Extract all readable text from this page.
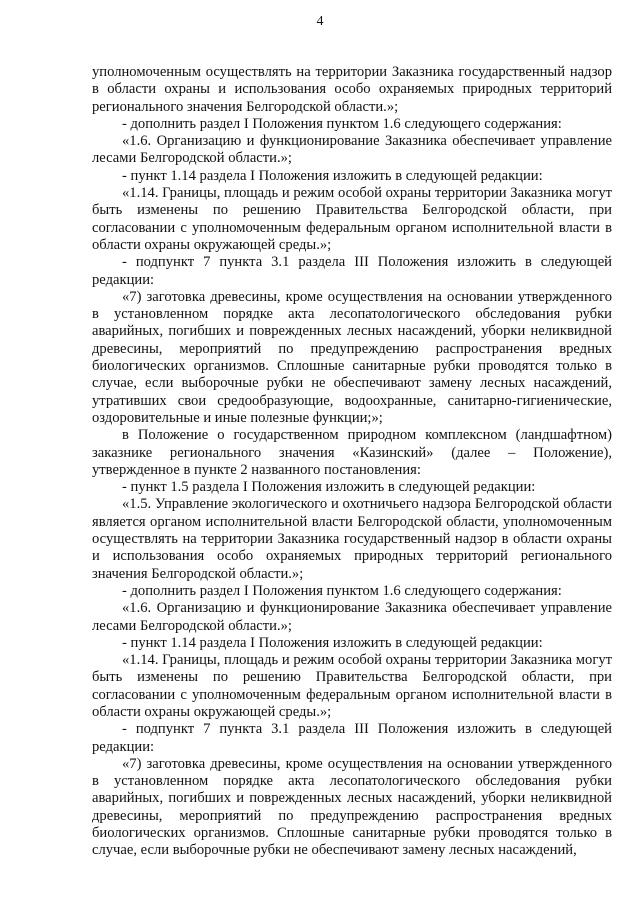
4

уполномоченным осуществлять на территории Заказника государственный надзор в области охраны и использования особо охраняемых природных территорий регионального значения Белгородской области.»;

- дополнить раздел I Положения пунктом 1.6 следующего содержания:

«1.6. Организацию и функционирование Заказника обеспечивает управление лесами Белгородской области.»;

- пункт 1.14 раздела I Положения изложить в следующей редакции:

«1.14. Границы, площадь и режим особой охраны территории Заказника могут быть изменены по решению Правительства Белгородской области, при согласовании с уполномоченным федеральным органом исполнительной власти в области охраны окружающей среды.»;

- подпункт 7 пункта 3.1 раздела III Положения изложить в следующей редакции:

«7) заготовка древесины, кроме осуществления на основании утвержденного в установленном порядке акта лесопатологического обследования рубки аварийных, погибших и поврежденных лесных насаждений, уборки неликвидной древесины, мероприятий по предупреждению распространения вредных биологических организмов. Сплошные санитарные рубки проводятся только в случае, если выборочные рубки не обеспечивают замену лесных насаждений, утративших свои средообразующие, водоохранные, санитарно-гигиенические, оздоровительные и иные полезные функции;»;

в Положение о государственном природном комплексном (ландшафтном) заказнике регионального значения «Казинский» (далее – Положение), утвержденное в пункте 2 названного постановления:

- пункт 1.5 раздела I Положения изложить в следующей редакции:

«1.5. Управление экологического и охотничьего надзора Белгородской области является органом исполнительной власти Белгородской области, уполномоченным осуществлять на территории Заказника государственный надзор в области охраны и использования особо охраняемых природных территорий регионального значения Белгородской области.»;

- дополнить раздел I Положения пунктом 1.6 следующего содержания:

«1.6. Организацию и функционирование Заказника обеспечивает управление лесами Белгородской области.»;

- пункт 1.14 раздела I Положения изложить в следующей редакции:

«1.14. Границы, площадь и режим особой охраны территории Заказника могут быть изменены по решению Правительства Белгородской области, при согласовании с уполномоченным федеральным органом исполнительной власти в области охраны окружающей среды.»;

- подпункт 7 пункта 3.1 раздела III Положения изложить в следующей редакции:

«7) заготовка древесины, кроме осуществления на основании утвержденного в установленном порядке акта лесопатологического обследования рубки аварийных, погибших и поврежденных лесных насаждений, уборки неликвидной древесины, мероприятий по предупреждению распространения вредных биологических организмов. Сплошные санитарные рубки проводятся только в случае, если выборочные рубки не обеспечивают замену лесных насаждений,
